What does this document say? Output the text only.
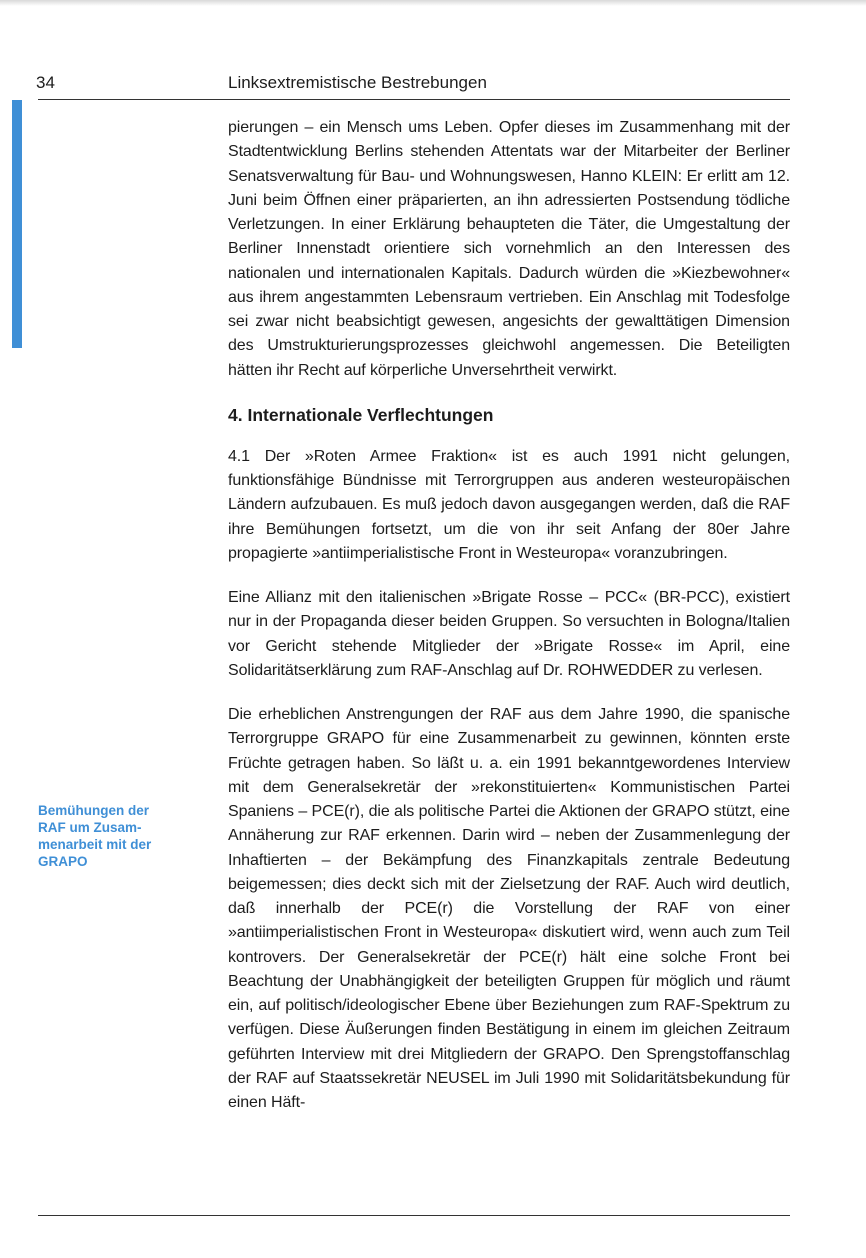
34	Linksextremistische Bestrebungen
Bemühungen der
RAF um Zusam-
menarbeit mit der
GRAPO

pierungen – ein Mensch ums Leben. Opfer dieses im Zusammenhang mit der Stadtentwicklung Berlins stehenden Attentats war der Mitarbeiter der Berliner Senatsverwaltung für Bau- und Wohnungswesen, Hanno KLEIN: Er erlitt am 12. Juni beim Öffnen einer präparierten, an ihn adressierten Postsendung tödliche Verletzungen. In einer Erklärung behaupteten die Täter, die Umgestaltung der Berliner Innenstadt orientiere sich vornehmlich an den Interessen des nationalen und internationalen Kapitals. Dadurch würden die »Kiezbewohner« aus ihrem angestammten Lebensraum vertrieben. Ein Anschlag mit Todesfolge sei zwar nicht beabsichtigt gewesen, angesichts der gewalttätigen Dimension des Umstrukturierungsprozesses gleichwohl angemessen. Die Beteiligten hätten ihr Recht auf körperliche Unversehrtheit verwirkt.

4. Internationale Verflechtungen

4.1 Der »Roten Armee Fraktion« ist es auch 1991 nicht gelungen, funktionsfähige Bündnisse mit Terrorgruppen aus anderen westeuropäischen Ländern aufzubauen. Es muß jedoch davon ausgegangen werden, daß die RAF ihre Bemühungen fortsetzt, um die von ihr seit Anfang der 80er Jahre propagierte »antiimperialistische Front in Westeuropa« voranzubringen.

Eine Allianz mit den italienischen »Brigate Rosse – PCC« (BR-PCC), existiert nur in der Propaganda dieser beiden Gruppen. So versuchten in Bologna/Italien vor Gericht stehende Mitglieder der »Brigate Rosse« im April, eine Solidaritätserklärung zum RAF-Anschlag auf Dr. ROHWEDDER zu verlesen.

Die erheblichen Anstrengungen der RAF aus dem Jahre 1990, die spanische Terrorgruppe GRAPO für eine Zusammenarbeit zu gewinnen, könnten erste Früchte getragen haben. So läßt u. a. ein 1991 bekanntgewordenes Interview mit dem Generalsekretär der »rekonstituierten« Kommunistischen Partei Spaniens – PCE(r), die als politische Partei die Aktionen der GRAPO stützt, eine Annäherung zur RAF erkennen. Darin wird – neben der Zusammenlegung der Inhaftierten – der Bekämpfung des Finanzkapitals zentrale Bedeutung beigemessen; dies deckt sich mit der Zielsetzung der RAF. Auch wird deutlich, daß innerhalb der PCE(r) die Vorstellung der RAF von einer »antiimperialistischen Front in Westeuropa« diskutiert wird, wenn auch zum Teil kontrovers. Der Generalsekretär der PCE(r) hält eine solche Front bei Beachtung der Unabhängigkeit der beteiligten Gruppen für möglich und räumt ein, auf politisch/ideologischer Ebene über Beziehungen zum RAF-Spektrum zu verfügen. Diese Äußerungen finden Bestätigung in einem im gleichen Zeitraum geführten Interview mit drei Mitgliedern der GRAPO. Den Sprengstoffanschlag der RAF auf Staatssekretär NEUSEL im Juli 1990 mit Solidaritätsbekundung für einen Häft-
